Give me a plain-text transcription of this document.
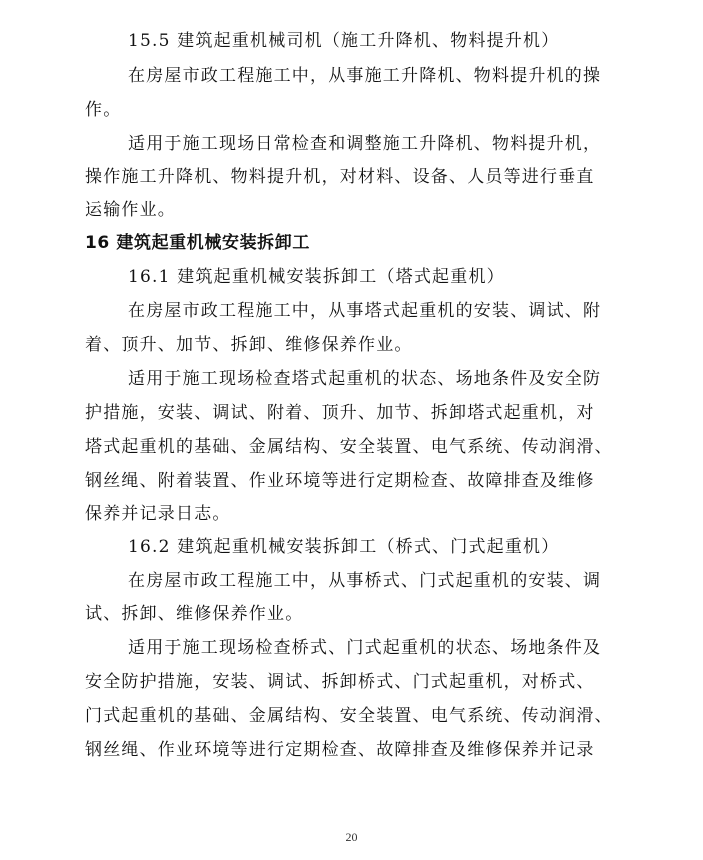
15.5 建筑起重机械司机（施工升降机、物料提升机）
在房屋市政工程施工中，从事施工升降机、物料提升机的操
作。
适用于施工现场日常检查和调整施工升降机、物料提升机，
操作施工升降机、物料提升机，对材料、设备、人员等进行垂直
运输作业。
16 建筑起重机械安装拆卸工
16.1 建筑起重机械安装拆卸工（塔式起重机）
在房屋市政工程施工中，从事塔式起重机的安装、调试、附
着、顶升、加节、拆卸、维修保养作业。
适用于施工现场检查塔式起重机的状态、场地条件及安全防
护措施，安装、调试、附着、顶升、加节、拆卸塔式起重机，对
塔式起重机的基础、金属结构、安全装置、电气系统、传动润滑、
钢丝绳、附着装置、作业环境等进行定期检查、故障排查及维修
保养并记录日志。
16.2 建筑起重机械安装拆卸工（桥式、门式起重机）
在房屋市政工程施工中，从事桥式、门式起重机的安装、调
试、拆卸、维修保养作业。
适用于施工现场检查桥式、门式起重机的状态、场地条件及
安全防护措施，安装、调试、拆卸桥式、门式起重机，对桥式、
门式起重机的基础、金属结构、安全装置、电气系统、传动润滑、
钢丝绳、作业环境等进行定期检查、故障排查及维修保养并记录
20
